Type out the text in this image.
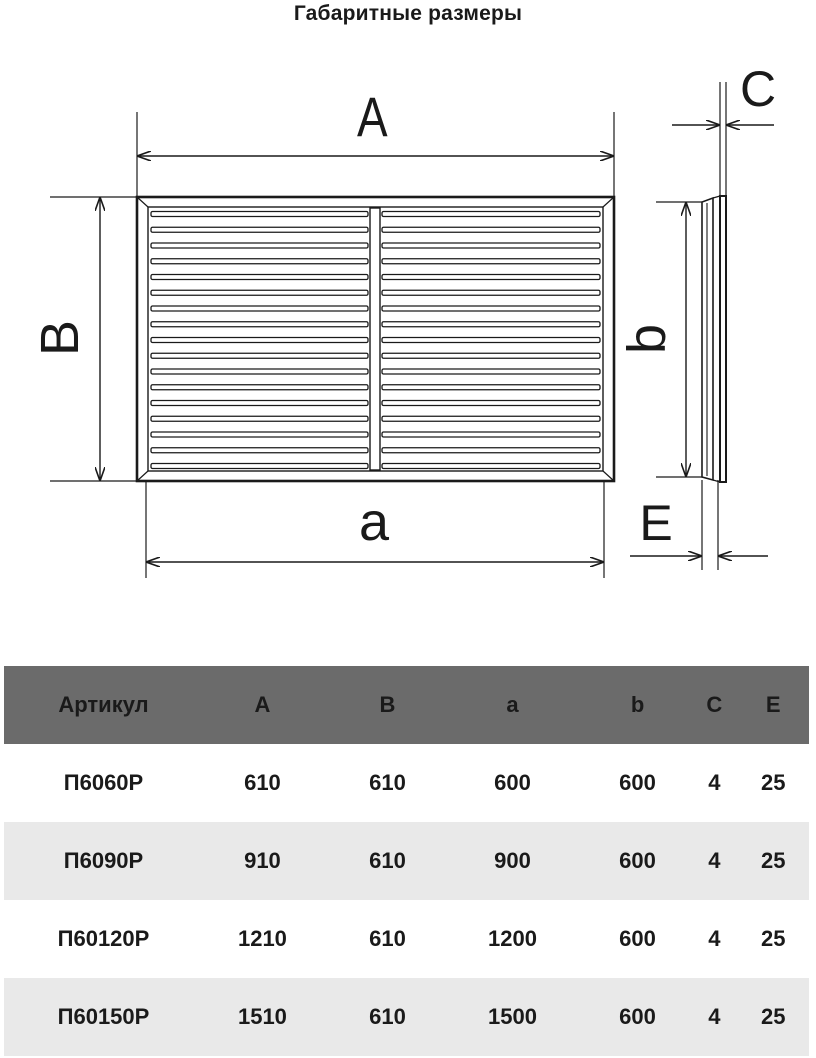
Габаритные размеры
A
a
B	b
C
E
Артикул	A	B	a	b	C	E
П6060Р	610	610	600	600	4	25
П6090Р	910	610	900	600	4	25
П60120Р	1210	610	1200	600	4	25
П60150Р	1510	610	1500	600	4	25
